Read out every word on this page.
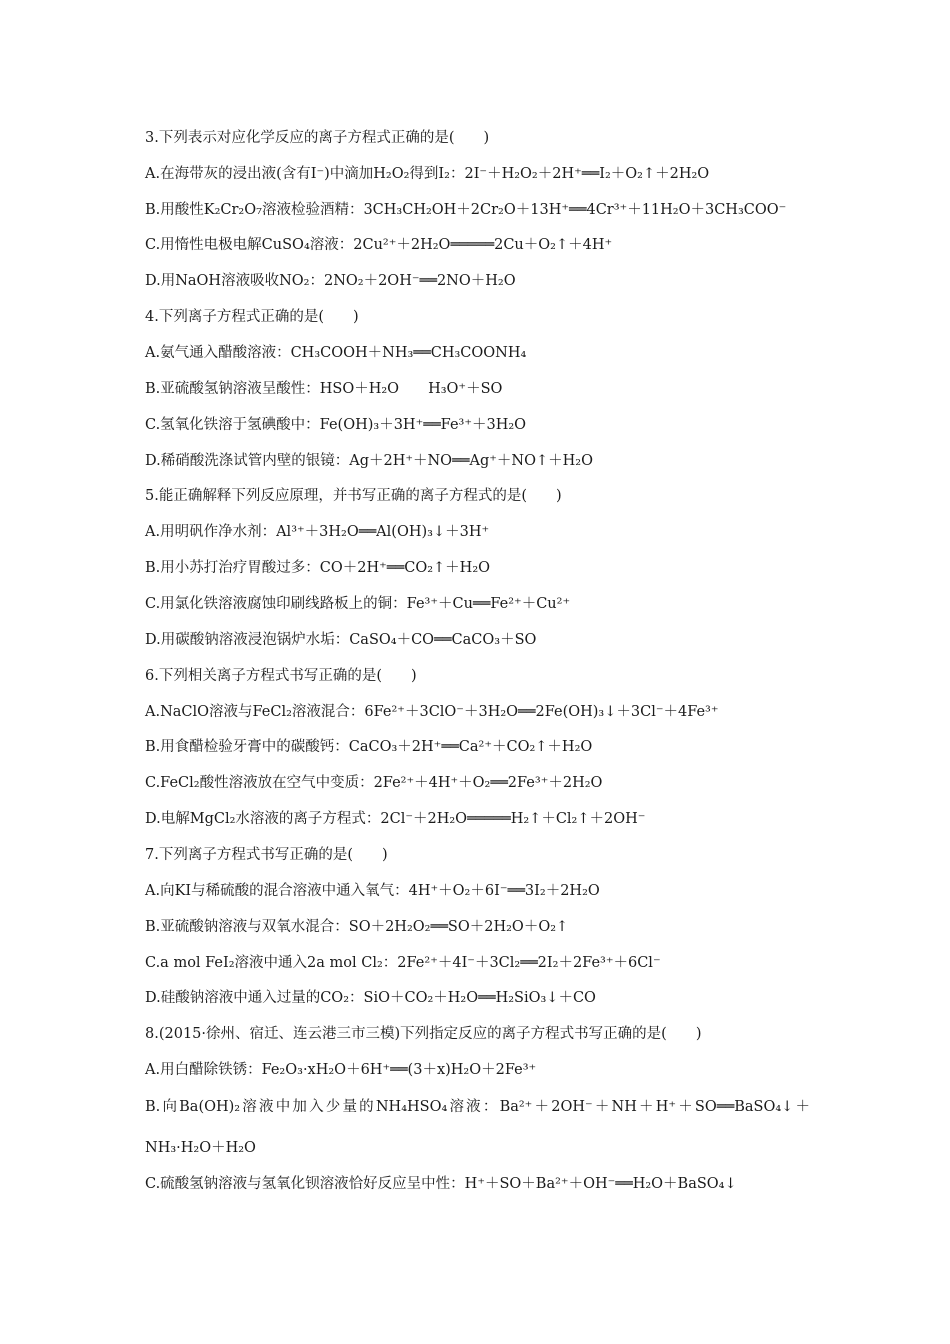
3.下列表示对应化学反应的离子方程式正确的是(　　)
A.在海带灰的浸出液(含有I⁻)中滴加H₂O₂得到I₂：2I⁻＋H₂O₂＋2H⁺══I₂＋O₂↑＋2H₂O
B.用酸性K₂Cr₂O₇溶液检验酒精：3CH₃CH₂OH＋2Cr₂O＋13H⁺══4Cr³⁺＋11H₂O＋3CH₃COO⁻
C.用惰性电极电解CuSO₄溶液：2Cu²⁺＋2H₂O═════2Cu＋O₂↑＋4H⁺
D.用NaOH溶液吸收NO₂：2NO₂＋2OH⁻══2NO＋H₂O
4.下列离子方程式正确的是(　　)
A.氨气通入醋酸溶液：CH₃COOH＋NH₃══CH₃COONH₄
B.亚硫酸氢钠溶液呈酸性：HSO＋H₂O　　H₃O⁺＋SO
C.氢氧化铁溶于氢碘酸中：Fe(OH)₃＋3H⁺══Fe³⁺＋3H₂O
D.稀硝酸洗涤试管内壁的银镜：Ag＋2H⁺＋NO══Ag⁺＋NO↑＋H₂O
5.能正确解释下列反应原理，并书写正确的离子方程式的是(　　)
A.用明矾作净水剂：Al³⁺＋3H₂O══Al(OH)₃↓＋3H⁺
B.用小苏打治疗胃酸过多：CO＋2H⁺══CO₂↑＋H₂O
C.用氯化铁溶液腐蚀印刷线路板上的铜：Fe³⁺＋Cu══Fe²⁺＋Cu²⁺
D.用碳酸钠溶液浸泡锅炉水垢：CaSO₄＋CO══CaCO₃＋SO
6.下列相关离子方程式书写正确的是(　　)
A.NaClO溶液与FeCl₂溶液混合：6Fe²⁺＋3ClO⁻＋3H₂O══2Fe(OH)₃↓＋3Cl⁻＋4Fe³⁺
B.用食醋检验牙膏中的碳酸钙：CaCO₃＋2H⁺══Ca²⁺＋CO₂↑＋H₂O
C.FeCl₂酸性溶液放在空气中变质：2Fe²⁺＋4H⁺＋O₂══2Fe³⁺＋2H₂O
D.电解MgCl₂水溶液的离子方程式：2Cl⁻＋2H₂O═════H₂↑＋Cl₂↑＋2OH⁻
7.下列离子方程式书写正确的是(　　)
A.向KI与稀硫酸的混合溶液中通入氧气：4H⁺＋O₂＋6I⁻══3I₂＋2H₂O
B.亚硫酸钠溶液与双氧水混合：SO＋2H₂O₂══SO＋2H₂O＋O₂↑
C.a mol FeI₂溶液中通入2a mol Cl₂：2Fe²⁺＋4I⁻＋3Cl₂══2I₂＋2Fe³⁺＋6Cl⁻
D.硅酸钠溶液中通入过量的CO₂：SiO＋CO₂＋H₂O══H₂SiO₃↓＋CO
8.(2015·徐州、宿迁、连云港三市三模)下列指定反应的离子方程式书写正确的是(　　)
A.用白醋除铁锈：Fe₂O₃·xH₂O＋6H⁺══(3＋x)H₂O＋2Fe³⁺
B.向Ba(OH)₂溶液中加入少量的NH₄HSO₄溶液：Ba²⁺＋2OH⁻＋NH＋H⁺＋SO══BaSO₄↓＋
NH₃·H₂O＋H₂O
C.硫酸氢钠溶液与氢氧化钡溶液恰好反应呈中性：H⁺＋SO＋Ba²⁺＋OH⁻══H₂O＋BaSO₄↓
